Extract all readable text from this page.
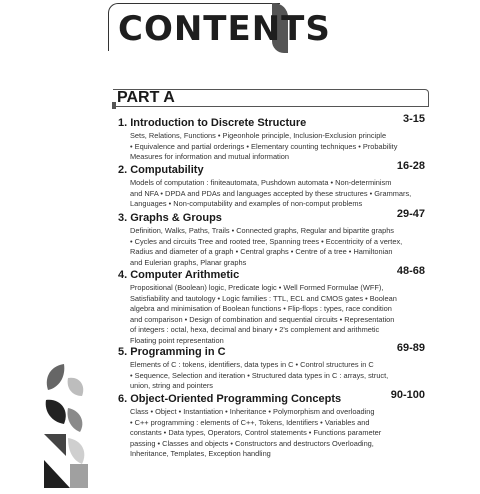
CONTENTS
PART A
1. Introduction to Discrete Structure	3-15
Sets, Relations, Functions • Pigeonhole principle, Inclusion-Exclusion principle
• Equivalence and partial orderings • Elementary counting techniques • Probability
Measures for information and mutual information
2. Computability	16-28
Models of computation : finiteautomata, Pushdown automata • Non-determinism
and NFA • DPDA and PDAs and languages accepted by these structures • Grammars,
Languages • Non-computability and examples of non-comput problems
3. Graphs & Groups	29-47
Definition, Walks, Paths, Trails • Connected graphs, Regular and bipartite graphs
• Cycles and circuits Tree and rooted tree, Spanning trees • Eccentricity of a vertex,
Radius and diameter of a graph • Central graphs • Centre of a tree • Hamiltonian
and Eulerian graphs, Planar graphs
4. Computer Arithmetic	48-68
Propositional (Boolean) logic, Predicate logic • Well Formed Formulae (WFF),
Satisfiability and tautology • Logic families : TTL, ECL and CMOS gates • Boolean
algebra and minimisation of Boolean functions • Flip-flops : types, race condition
and comparison • Design of combination and sequential circuits • Representation
of integers : octal, hexa, decimal and binary • 2's complement and arithmetic
Floating point representation
5. Programming in C	69-89
Elements of C : tokens, identifiers, data types in C • Control structures in C
• Sequence, Selection and iteration • Structured data types in C : arrays, struct,
union, string and pointers
6. Object-Oriented Programming Concepts	90-100
Class • Object • Instantiation • Inheritance • Polymorphism and overloading
• C++ programming : elements of C++, Tokens, Identifiers • Variables and
constants • Data types, Operators, Control statements • Functions parameter
passing • Classes and objects • Constructors and destructors Overloading,
Inheritance, Templates, Exception handling
